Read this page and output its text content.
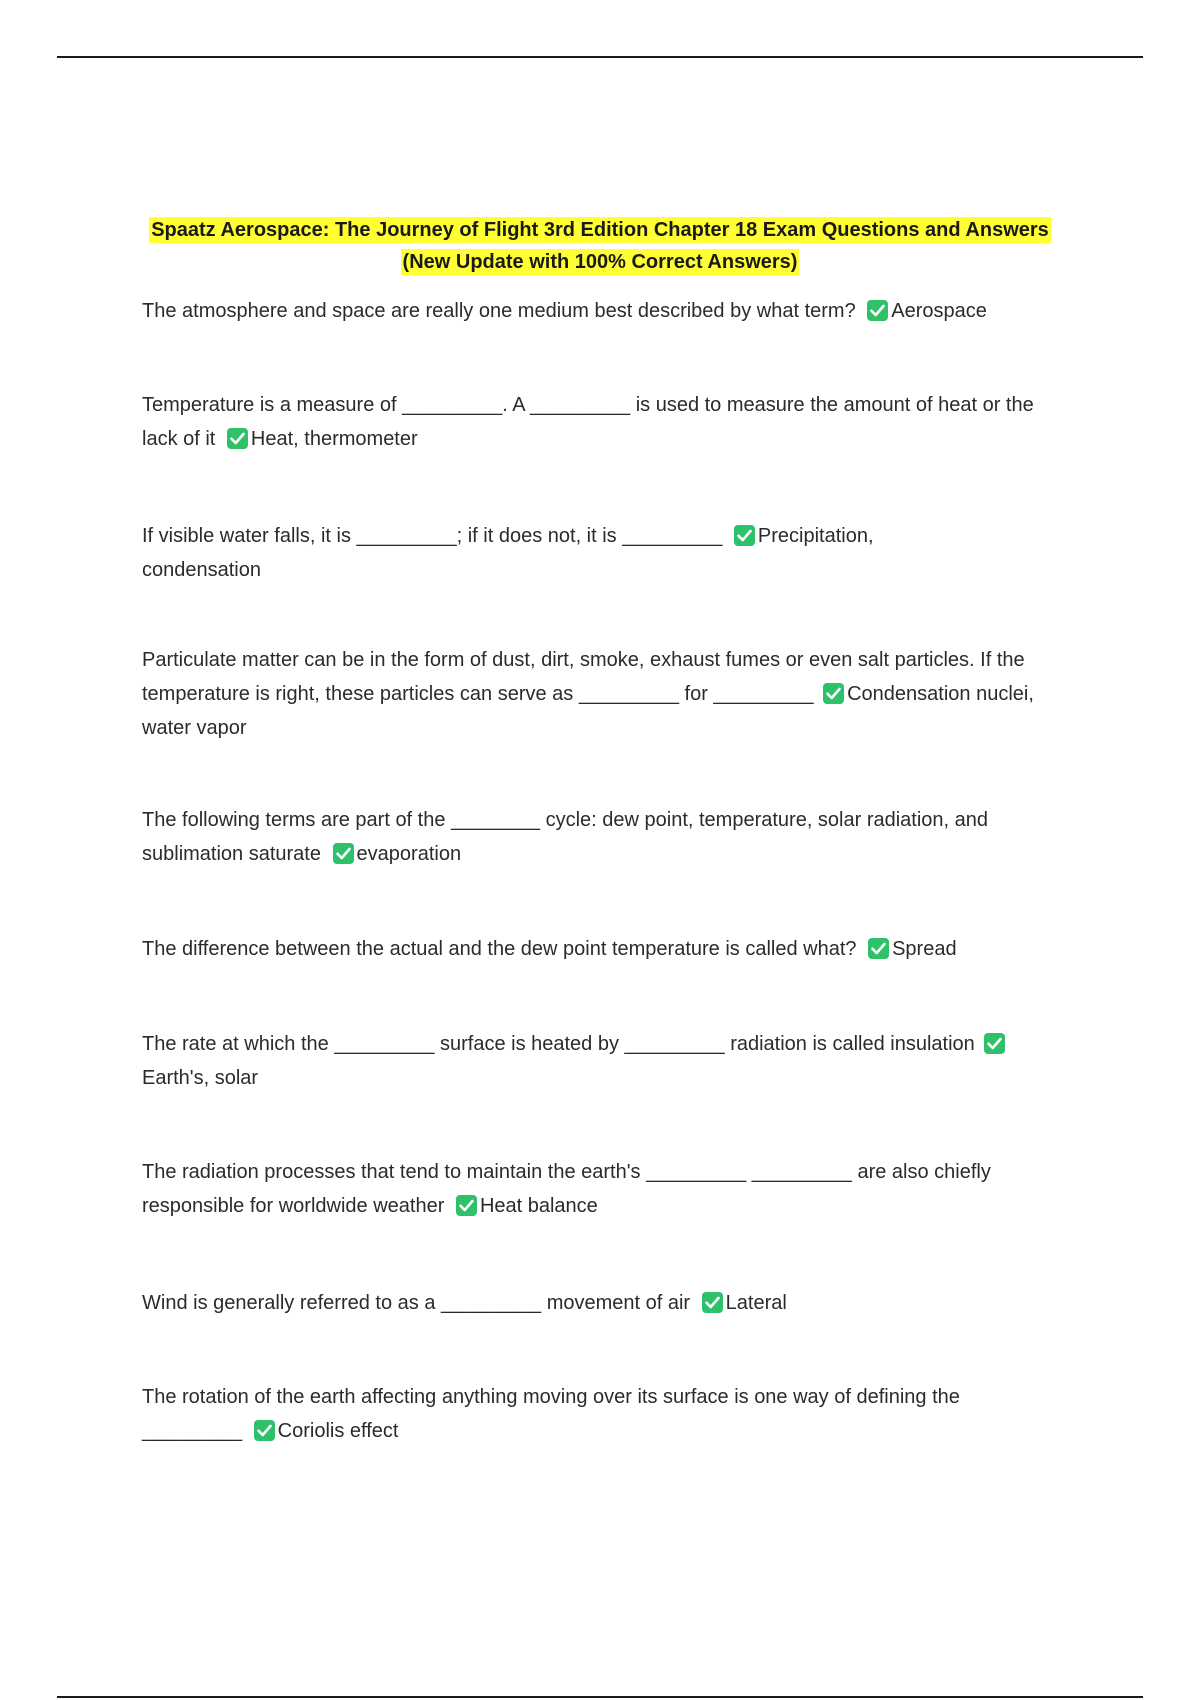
Spaatz Aerospace: The Journey of Flight 3rd Edition Chapter 18 Exam Questions and Answers
(New Update with 100% Correct Answers)
The atmosphere and space are really one medium best described by what term? Aerospace
Temperature is a measure of _________. A _________ is used to measure the amount of heat or the lack of it Heat, thermometer
If visible water falls, it is _________; if it does not, it is _________ Precipitation, condensation
Particulate matter can be in the form of dust, dirt, smoke, exhaust fumes or even salt particles. If the temperature is right, these particles can serve as _________ for _________ Condensation nuclei, water vapor
The following terms are part of the ________ cycle: dew point, temperature, solar radiation, and sublimation saturate evaporation
The difference between the actual and the dew point temperature is called what? Spread
The rate at which the _________ surface is heated by _________ radiation is called insulation
Earth's, solar
The radiation processes that tend to maintain the earth's _________ _________ are also chiefly responsible for worldwide weather Heat balance
Wind is generally referred to as a _________ movement of air Lateral
The rotation of the earth affecting anything moving over its surface is one way of defining the _________ Coriolis effect
